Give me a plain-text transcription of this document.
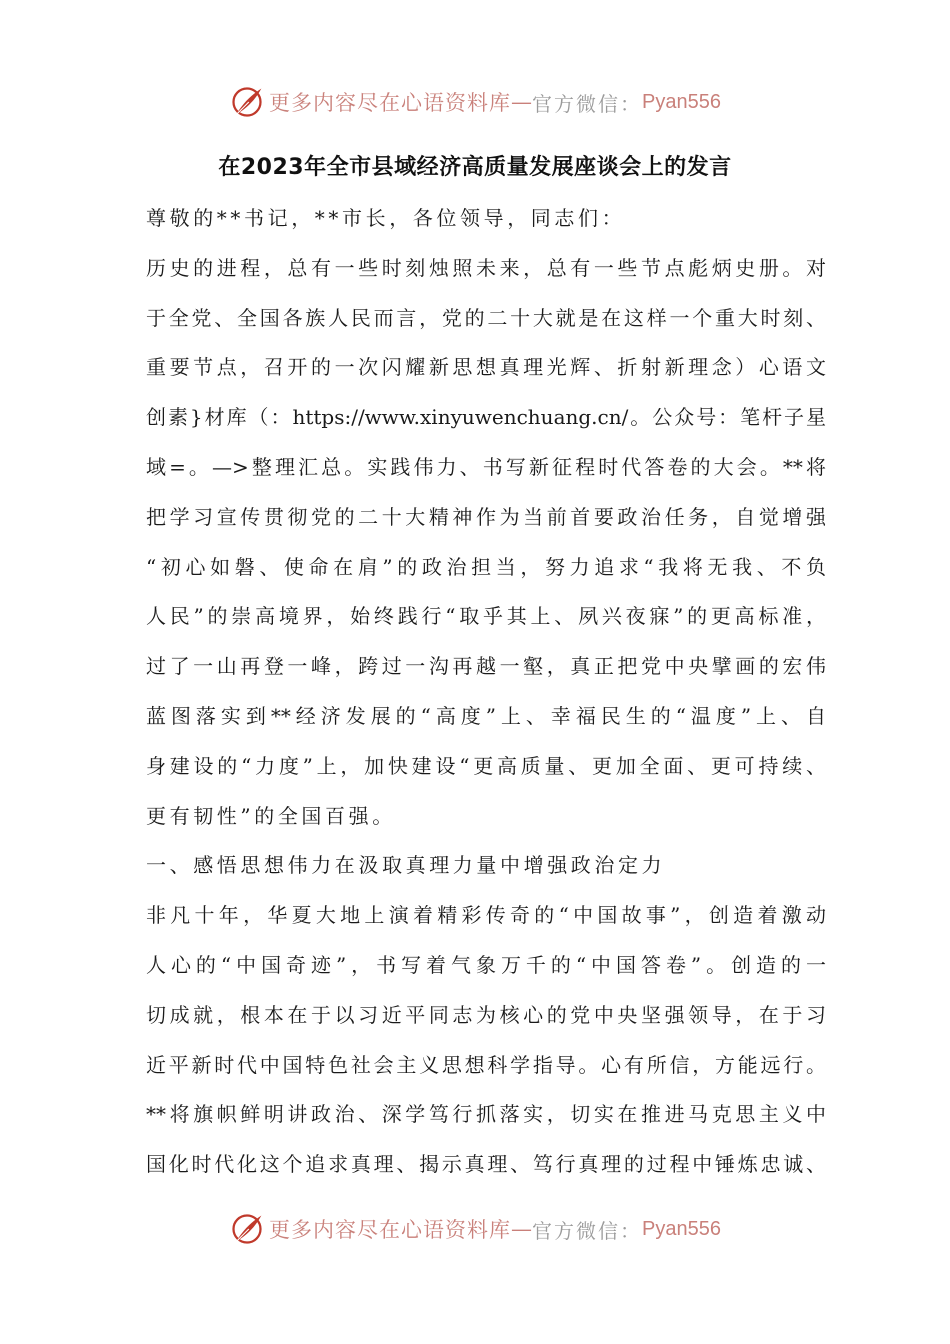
更多内容尽在心语资料库 — 官方微信： Pyan556
在2023年全市县域经济高质量发展座谈会上的发言
尊敬的**书记，**市长，各位领导，同志们：
历史的进程，总有一些时刻烛照未来，总有一些节点彪炳史册。对
于全党、全国各族人民而言，党的二十大就是在这样一个重大时刻、
重要节点，召开的一次闪耀新思想真理光辉、折射新理念）心语文
创素}材库（：https://www.xinyuwenchuang.cn/。公众号：笔杆子星
域=。—>整理汇总。实践伟力、书写新征程时代答卷的大会。**将
把学习宣传贯彻党的二十大精神作为当前首要政治任务，自觉增强
“初心如磐、使命在肩”的政治担当，努力追求“我将无我、不负
人民”的崇高境界，始终践行“取乎其上、夙兴夜寐”的更高标准，
过了一山再登一峰，跨过一沟再越一壑，真正把党中央擘画的宏伟
蓝图落实到**经济发展的“高度”上、幸福民生的“温度”上、自
身建设的“力度”上，加快建设“更高质量、更加全面、更可持续、
更有韧性”的全国百强。
一、感悟思想伟力在汲取真理力量中增强政治定力
非凡十年，华夏大地上演着精彩传奇的“中国故事”，创造着激动
人心的“中国奇迹”，书写着气象万千的“中国答卷”。创造的一
切成就，根本在于以习近平同志为核心的党中央坚强领导，在于习
近平新时代中国特色社会主义思想科学指导。心有所信，方能远行。
**将旗帜鲜明讲政治、深学笃行抓落实，切实在推进马克思主义中
国化时代化这个追求真理、揭示真理、笃行真理的过程中锤炼忠诚、
更多内容尽在心语资料库 — 官方微信： Pyan556
